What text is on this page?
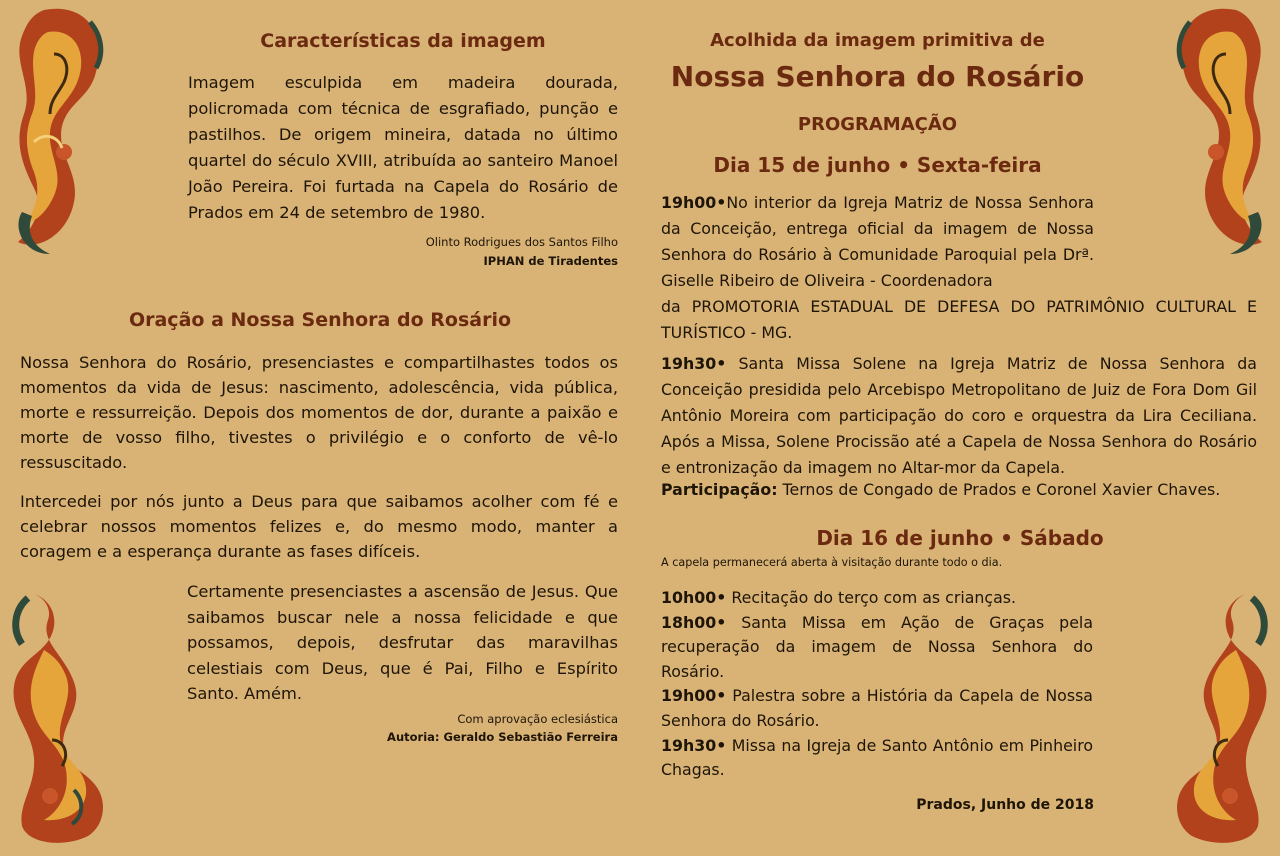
Características da imagem

Imagem esculpida em madeira dourada, policromada com técnica de esgrafiado, punção e pastilhos. De origem mineira, datada no último quartel do século XVIII, atribuída ao santeiro Manoel João Pereira. Foi furtada na Capela do Rosário de Prados em 24 de setembro de 1980.

Olinto Rodrigues dos Santos Filho
IPHAN de Tiradentes
Oração a Nossa Senhora do Rosário

Nossa Senhora do Rosário, presenciastes e compartilhastes todos os momentos da vida de Jesus: nascimento, adolescência, vida pública, morte e ressurreição. Depois dos momentos de dor, durante a paixão e morte de vosso filho, tivestes o privilégio e o conforto de vê-lo ressuscitado.

Intercedei por nós junto a Deus para que saibamos acolher com fé e celebrar nossos momentos felizes e, do mesmo modo, manter a coragem e a esperança durante as fases difíceis.

Certamente presenciastes a ascensão de Jesus. Que saibamos buscar nele a nossa felicidade e que possamos, depois, desfrutar das maravilhas celestiais com Deus, que é Pai, Filho e Espírito Santo. Amém.

Com aprovação eclesiástica
Autoria: Geraldo Sebastião Ferreira
Acolhida da imagem primitiva de
Nossa Senhora do Rosário
PROGRAMAÇÃO
Dia 15 de junho • Sexta-feira

19h00•No interior da Igreja Matriz de Nossa Senhora da Conceição, entrega oficial da imagem de Nossa Senhora do Rosário à Comunidade Paroquial pela Drª. Giselle Ribeiro de Oliveira - Coordenadora

da PROMOTORIA ESTADUAL DE DEFESA DO PATRIMÔNIO CULTURAL E TURÍSTICO - MG.

19h30• Santa Missa Solene na Igreja Matriz de Nossa Senhora da Conceição presidida pelo Arcebispo Metropolitano de Juiz de Fora Dom Gil Antônio Moreira com participação do coro e orquestra da Lira Ceciliana. Após a Missa, Solene Procissão até a Capela de Nossa Senhora do Rosário e entronização da imagem no Altar-mor da Capela.

Participação: Ternos de Congado de Prados e Coronel Xavier Chaves.

Dia 16 de junho • Sábado
A capela permanecerá aberta à visitação durante todo o dia.
10h00• Recitação do terço com as crianças.
18h00• Santa Missa em Ação de Graças pela recuperação da imagem de Nossa Senhora do Rosário.
19h00• Palestra sobre a História da Capela de Nossa Senhora do Rosário.
19h30• Missa na Igreja de Santo Antônio em Pinheiro Chagas.
Prados, Junho de 2018
